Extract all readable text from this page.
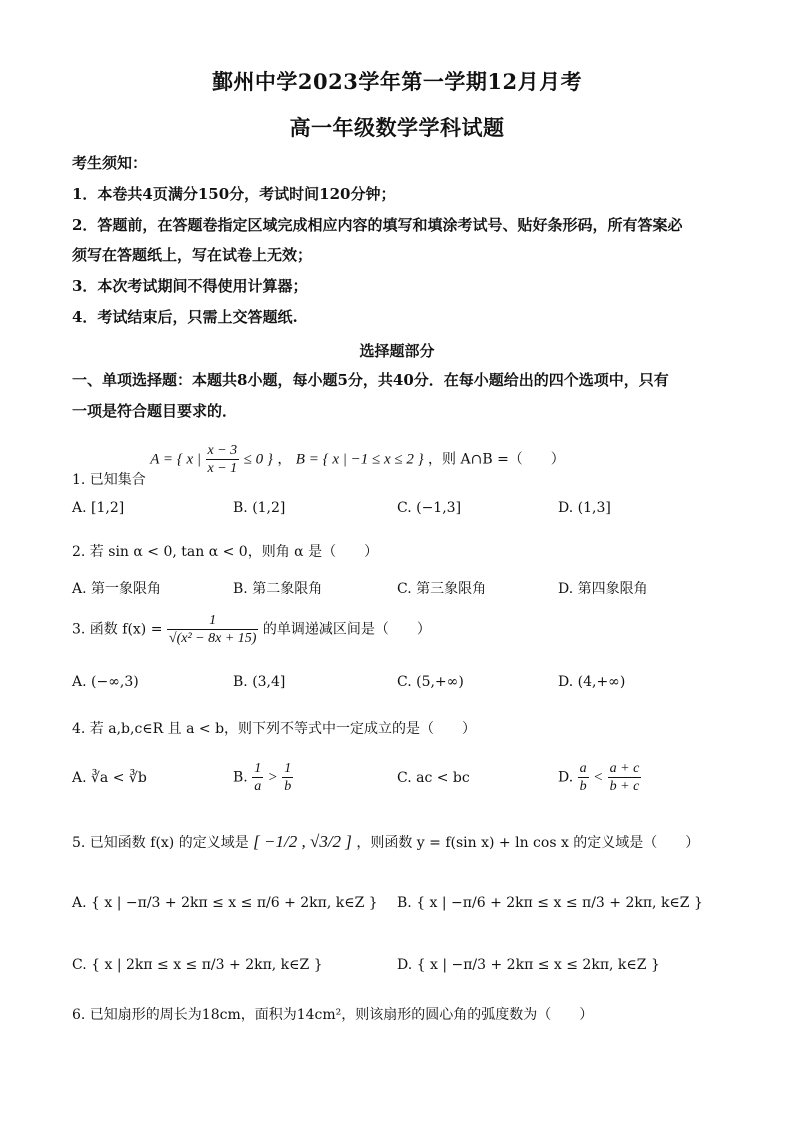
鄞州中学2023学年第一学期12月月考
高一年级数学学科试题
考生须知：
1．本卷共4页满分150分，考试时间120分钟；
2．答题前，在答题卷指定区域完成相应内容的填写和填涂考试号、贴好条形码，所有答案必
须写在答题纸上，写在试卷上无效；
3．本次考试期间不得使用计算器；
4．考试结束后，只需上交答题纸.
选择题部分
一、单项选择题：本题共8小题，每小题5分，共40分．在每小题给出的四个选项中，只有
一项是符合题目要求的．
1. 已知集合 A = { x | $\frac{x - 3}{x - 1} \le 0$ } ， B = { x | −1 ≤ x ≤ 2 } ，则 A∩B =（　　）
A. [1,2]	B. (1,2]	C. (−1,3]	D. (1,3]
2. 若 sin α < 0, tan α < 0，则角 α 是（　　）
A. 第一象限角	B. 第二象限角	C. 第三象限角	D. 第四象限角
3. 函数 $f(x) = \frac{1}{\text{√(x² − 8x + 15)}}$ 的单调递减区间是（　　）
A. (−∞,3)	B. (3,4]	C. (5,+∞)	D. (4,+∞)
4. 若 a,b,c∈R 且 a < b，则下列不等式中一定成立的是（　　）
A. ∛a < ∛b	B. $\frac{1}{a} > \frac{1}{b}$	C. ac < bc	D. $\frac{a}{b} < \frac{a + c}{b + c}$
5. 已知函数 f(x) 的定义域是 [ −1/2 , √3/2 ] ，则函数 y = f(sin x) + ln cos x 的定义域是（　　）
A. { x | −π/3 + 2kπ ≤ x ≤ π/6 + 2kπ, k∈Z } B. { x | −π/6 + 2kπ ≤ x ≤ π/3 + 2kπ, k∈Z }
C. { x | 2kπ ≤ x ≤ π/3 + 2kπ, k∈Z }	D. { x | −π/3 + 2kπ ≤ x ≤ 2kπ, k∈Z }
6. 已知扇形的周长为18cm，面积为14cm²，则该扇形的圆心角的弧度数为（　　）
